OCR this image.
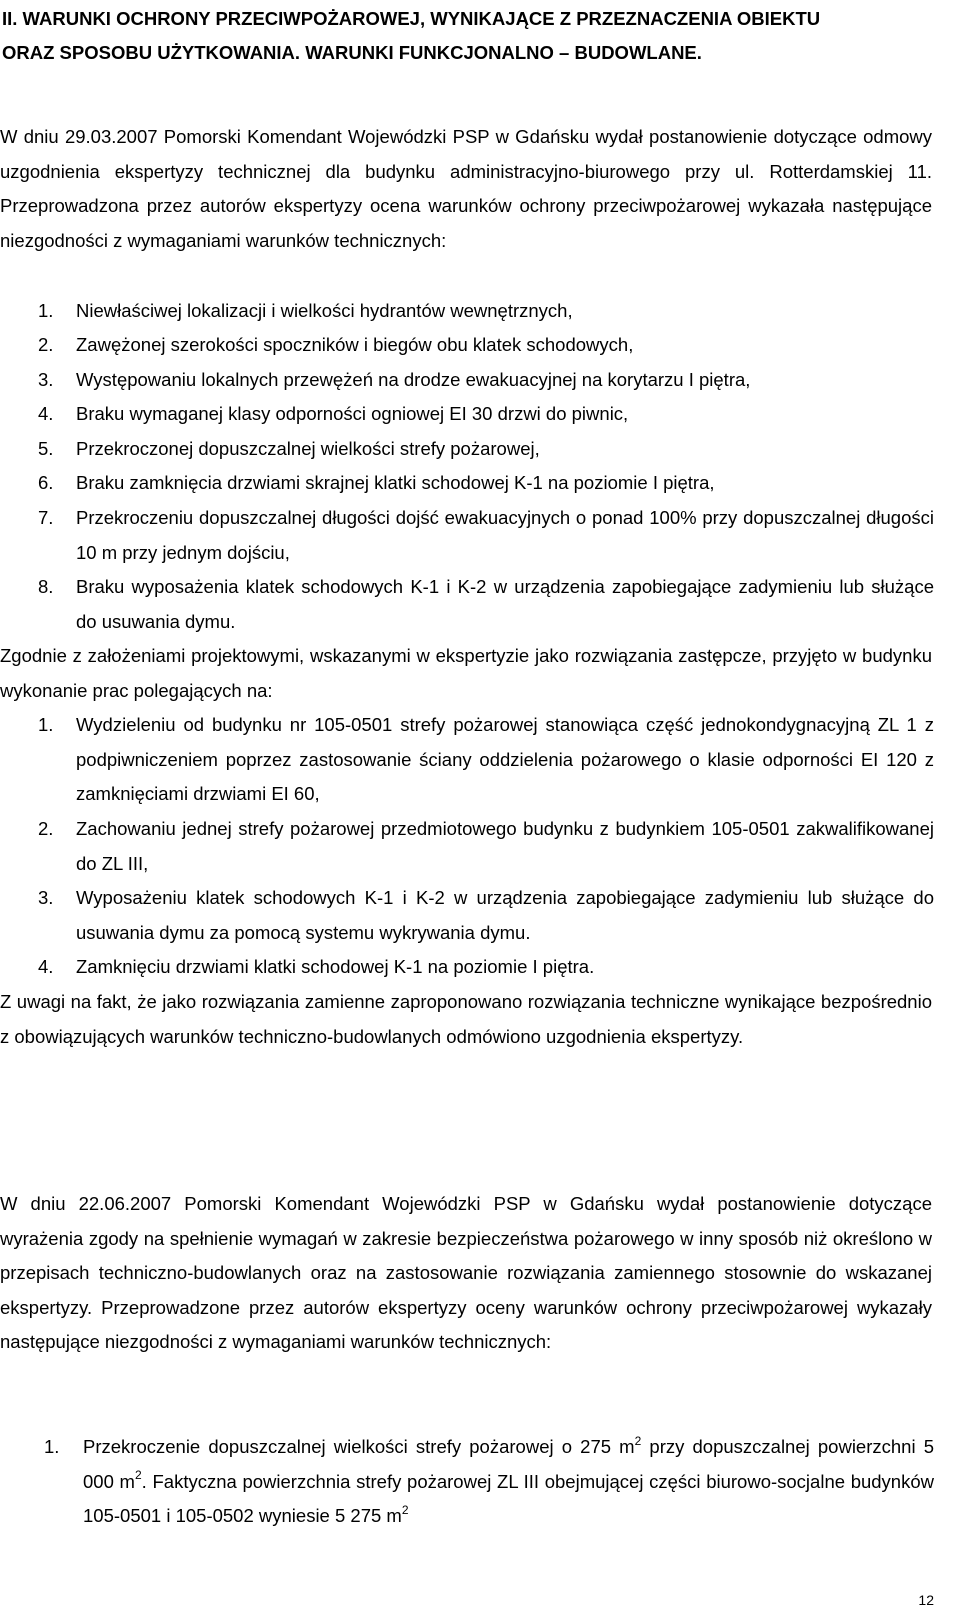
II. WARUNKI OCHRONY PRZECIWPOŻAROWEJ, WYNIKAJĄCE Z PRZEZNACZENIA OBIEKTU
ORAZ SPOSOBU UŻYTKOWANIA. WARUNKI FUNKCJONALNO – BUDOWLANE.

W dniu 29.03.2007 Pomorski Komendant Wojewódzki PSP w Gdańsku wydał postanowienie dotyczące odmowy uzgodnienia ekspertyzy technicznej dla budynku administracyjno-biurowego przy ul. Rotterdamskiej 11. Przeprowadzona przez autorów ekspertyzy ocena warunków ochrony przeciwpożarowej wykazała następujące niezgodności z wymaganiami warunków technicznych:

1. Niewłaściwej lokalizacji i wielkości hydrantów wewnętrznych,
2. Zawężonej szerokości spoczników i biegów obu klatek schodowych,
3. Występowaniu lokalnych przewężeń na drodze ewakuacyjnej na korytarzu I piętra,
4. Braku wymaganej klasy odporności ogniowej EI 30 drzwi do piwnic,
5. Przekroczonej dopuszczalnej wielkości strefy pożarowej,
6. Braku zamknięcia drzwiami skrajnej klatki schodowej K-1 na poziomie I piętra,
7. Przekroczeniu dopuszczalnej długości dojść ewakuacyjnych o ponad 100% przy dopuszczalnej długości 10 m przy jednym dojściu,
8. Braku wyposażenia klatek schodowych K-1 i K-2 w urządzenia zapobiegające zadymieniu lub służące do usuwania dymu.

Zgodnie z założeniami projektowymi, wskazanymi w ekspertyzie jako rozwiązania zastępcze, przyjęto w budynku wykonanie prac polegających na:

1. Wydzieleniu od budynku nr 105-0501 strefy pożarowej stanowiąca część jednokondygnacyjną ZL 1 z podpiwniczeniem poprzez zastosowanie ściany oddzielenia pożarowego o klasie odporności EI 120 z zamknięciami drzwiami EI 60,
2. Zachowaniu jednej strefy pożarowej przedmiotowego budynku z budynkiem 105-0501 zakwalifikowanej do ZL III,
3. Wyposażeniu klatek schodowych K-1 i K-2 w urządzenia zapobiegające zadymieniu lub służące do usuwania dymu za pomocą systemu wykrywania dymu.
4. Zamknięciu drzwiami klatki schodowej K-1 na poziomie I piętra.

Z uwagi na fakt, że jako rozwiązania zamienne zaproponowano rozwiązania techniczne wynikające bezpośrednio z obowiązujących warunków techniczno-budowlanych odmówiono uzgodnienia ekspertyzy.

W dniu 22.06.2007 Pomorski Komendant Wojewódzki PSP w Gdańsku wydał postanowienie dotyczące wyrażenia zgody na spełnienie wymagań w zakresie bezpieczeństwa pożarowego w inny sposób niż określono w przepisach techniczno-budowlanych oraz na zastosowanie rozwiązania zamiennego stosownie do wskazanej ekspertyzy. Przeprowadzone przez autorów ekspertyzy oceny warunków ochrony przeciwpożarowej wykazały następujące niezgodności z wymaganiami warunków technicznych:

1. Przekroczenie dopuszczalnej wielkości strefy pożarowej o 275 $m^2$ przy dopuszczalnej powierzchni 5 000 $m^2$. Faktyczna powierzchnia strefy pożarowej ZL III obejmującej części biurowo-socjalne budynków 105-0501 i 105-0502 wyniesie 5 275 $m^2$
12
